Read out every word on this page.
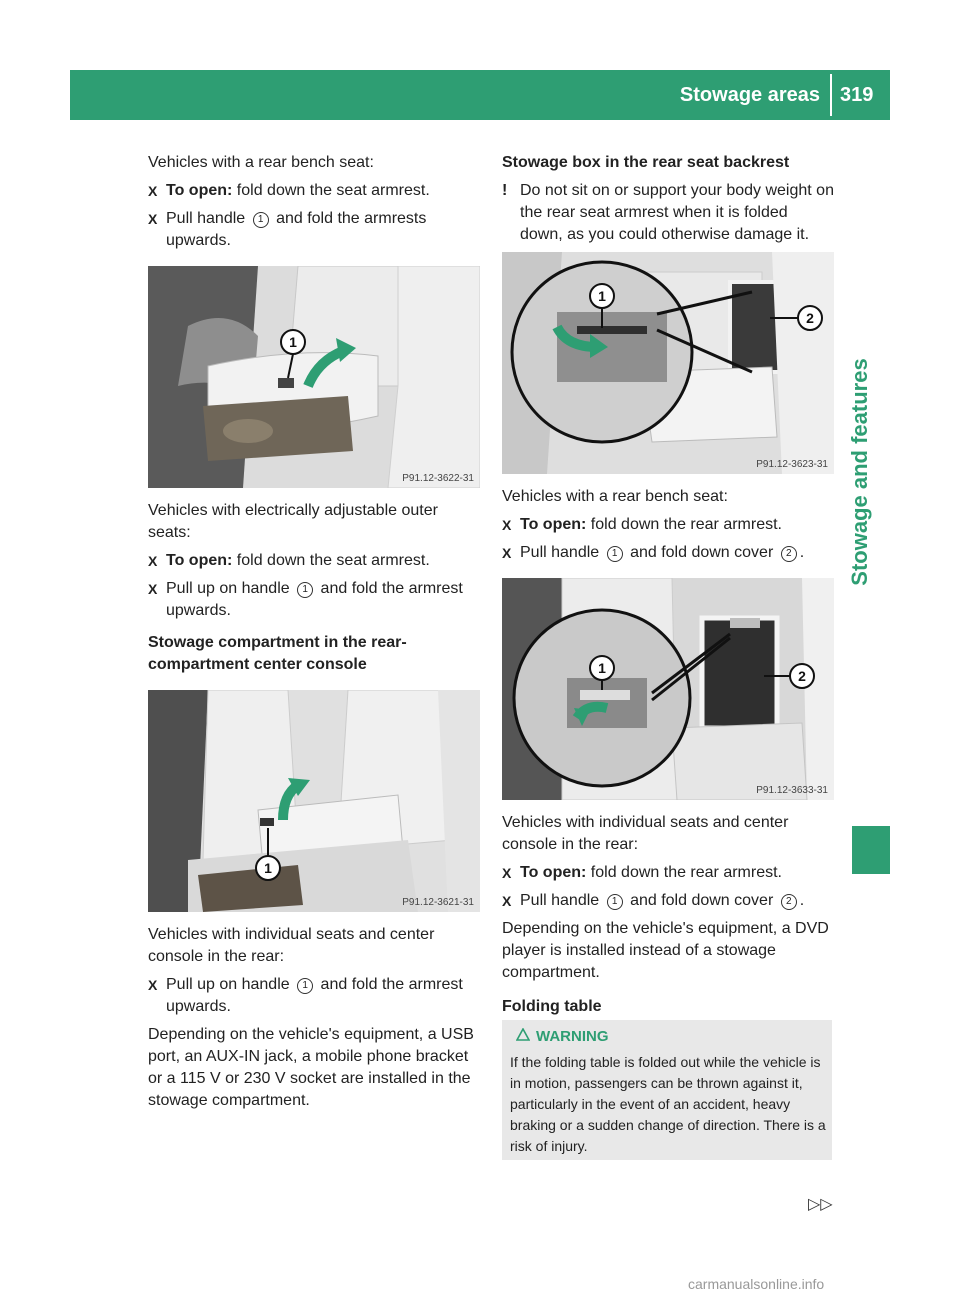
Stowage areas 319
Stowage and features

Vehicles with a rear bench seat:

X To open: fold down the seat armrest.

X Pull handle 1 and fold the armrests upwards.

1
P91.12-3622-31

Vehicles with electrically adjustable outer seats:

X To open: fold down the seat armrest.

X Pull up on handle 1 and fold the armrest upwards.

Stowage compartment in the rear-compartment center console

1
P91.12-3621-31

Vehicles with individual seats and center console in the rear:

X Pull up on handle 1 and fold the armrest upwards.

Depending on the vehicle's equipment, a USB port, an AUX-IN jack, a mobile phone bracket or a 115 V or 230 V socket are installed in the stowage compartment.

Stowage box in the rear seat backrest

! Do not sit on or support your body weight on the rear seat armrest when it is folded down, as you could otherwise damage it.

1
2
P91.12-3623-31

Vehicles with a rear bench seat:

X To open: fold down the rear armrest.

X Pull handle 1 and fold down cover 2 .

1	2
P91.12-3633-31

Vehicles with individual seats and center console in the rear:

X To open: fold down the rear armrest.

X Pull handle 1 and fold down cover 2 .

Depending on the vehicle's equipment, a DVD player is installed instead of a stowage compartment.

Folding table

WARNING
If the folding table is folded out while the vehicle is in motion, passengers can be thrown against it, particularly in the event of an accident, heavy braking or a sudden change of direction. There is a risk of injury.
▷▷
carmanualsonline.info
